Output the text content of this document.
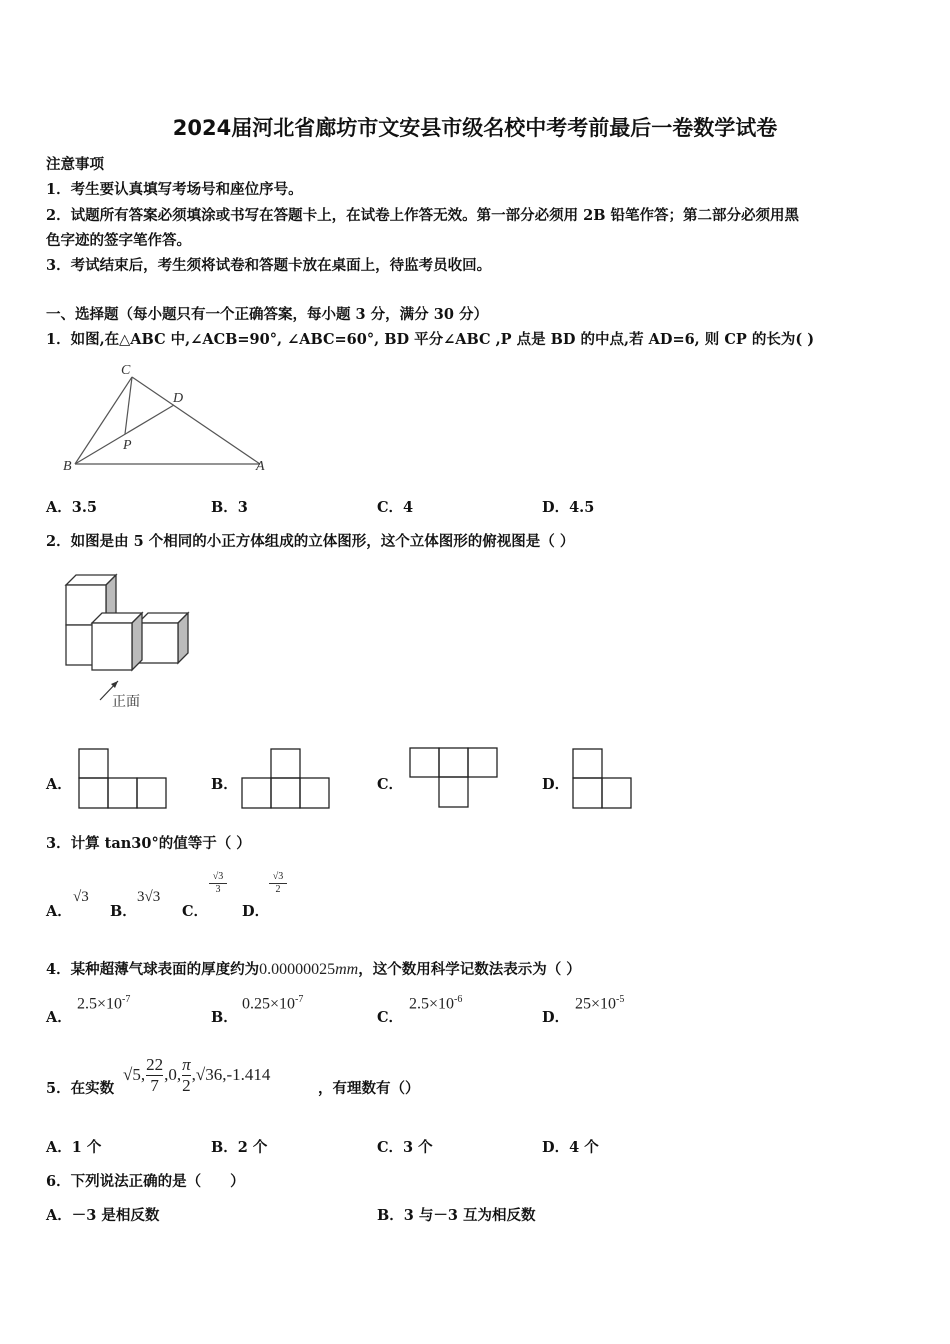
2024届河北省廊坊市文安县市级名校中考考前最后一卷数学试卷
注意事项
1．考生要认真填写考场号和座位序号。
2．试题所有答案必须填涂或书写在答题卡上，在试卷上作答无效。第一部分必须用 2B 铅笔作答；第二部分必须用黑
色字迹的签字笔作答。
3．考试结束后，考生须将试卷和答题卡放在桌面上，待监考员收回。
一、选择题（每小题只有一个正确答案，每小题 3 分，满分 30 分）
1．如图,在△ABC 中,∠ACB=90°, ∠ABC=60°, BD 平分∠ABC ,P 点是 BD 的中点,若 AD=6, 则 CP 的长为( )
C
D
P
B	A
A．3.5	B．3	C．4	D．4.5
2．如图是由 5 个相同的小正方体组成的立体图形，这个立体图形的俯视图是（ ）
正面
A．	B．	C．	D．
3．计算 tan30°的值等于（ ）
A．
√3
B．
3√3
C．
$\frac{√3}{3}$
D．
$\frac{√3}{2}$
4．某种超薄气球表面的厚度约为0.00000025mm，这个数用科学记数法表示为（ ）
A．
$2.5\times 10^{-7}$
B．
$0.25\times 10^{-7}$
C．
$2.5\times 10^{-6}$
D．
$25\times 10^{-5}$
5．在实数
√5, $\frac{22}{7} ,0$, $\frac{\pi}{2} ,√36$, -1.414
，有理数有（）
A．1 个	B．2 个	C．3 个	D．4 个
6．下列说法正确的是（　　）
A．－3 是相反数	B．3 与－3 互为相反数
